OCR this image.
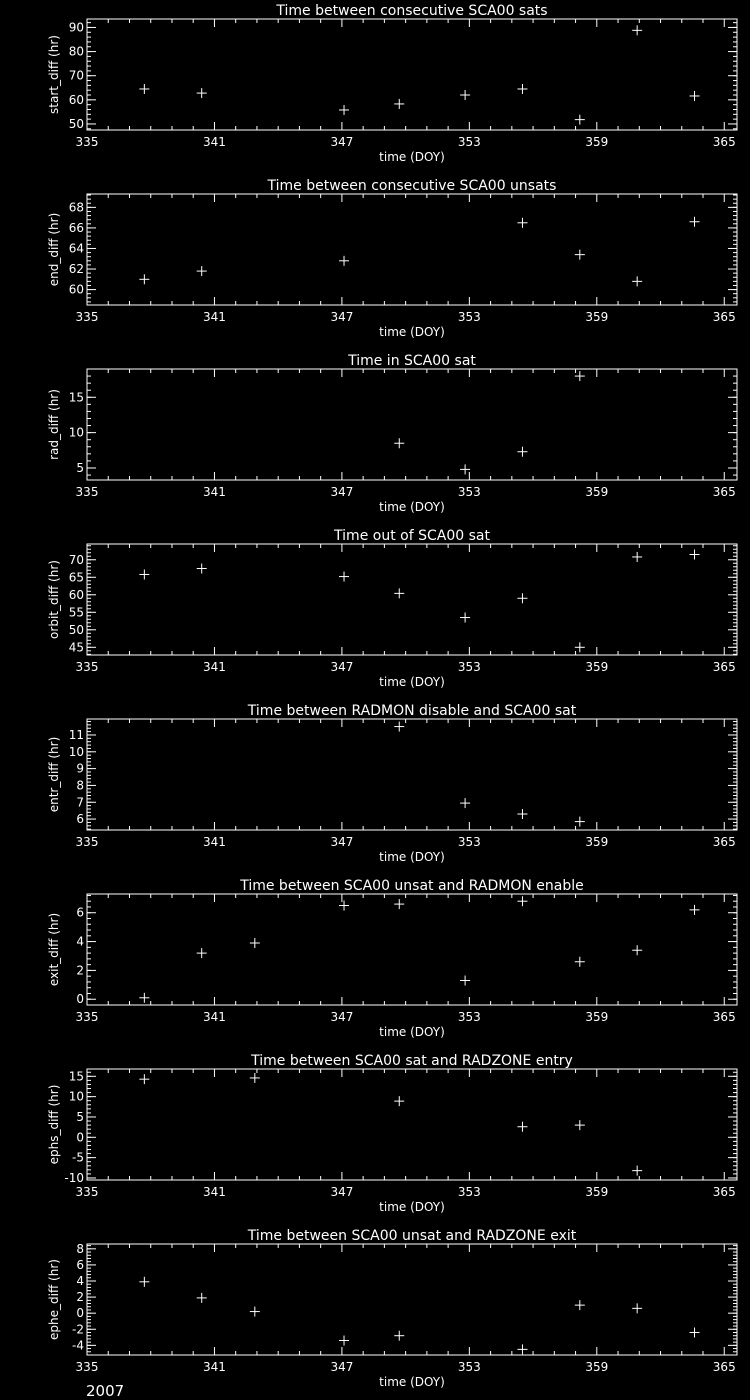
Time between consecutive SCA00 sats
335	341	347	353	359	365
time (DOY)
50
60
70
80
90
start_diff (hr)
Time between consecutive SCA00 unsats
335	341	347	353	359	365
time (DOY)
60
62
64
66
68
end_diff (hr)
Time in SCA00 sat
335	341	347	353	359	365
time (DOY)
5
10
15
rad_diff (hr)
Time out of SCA00 sat
335	341	347	353	359	365
time (DOY)
45
50
55
60
65
70
orbit_diff (hr)
Time between RADMON disable and SCA00 sat
335	341	347	353	359	365
time (DOY)
6
7
8
9
10
11
entr_diff (hr)
Time between SCA00 unsat and RADMON enable
335	341	347	353	359	365
time (DOY)
0
2
4
6
exit_diff (hr)
Time between SCA00 sat and RADZONE entry
335	341	347	353	359	365
time (DOY)
-10
-5
0
5
10
15
ephs_diff (hr)
Time between SCA00 unsat and RADZONE exit
335	341	347	353	359	365
time (DOY)
-4
-2
0
2
4
6
8
ephe_diff (hr)
2007
